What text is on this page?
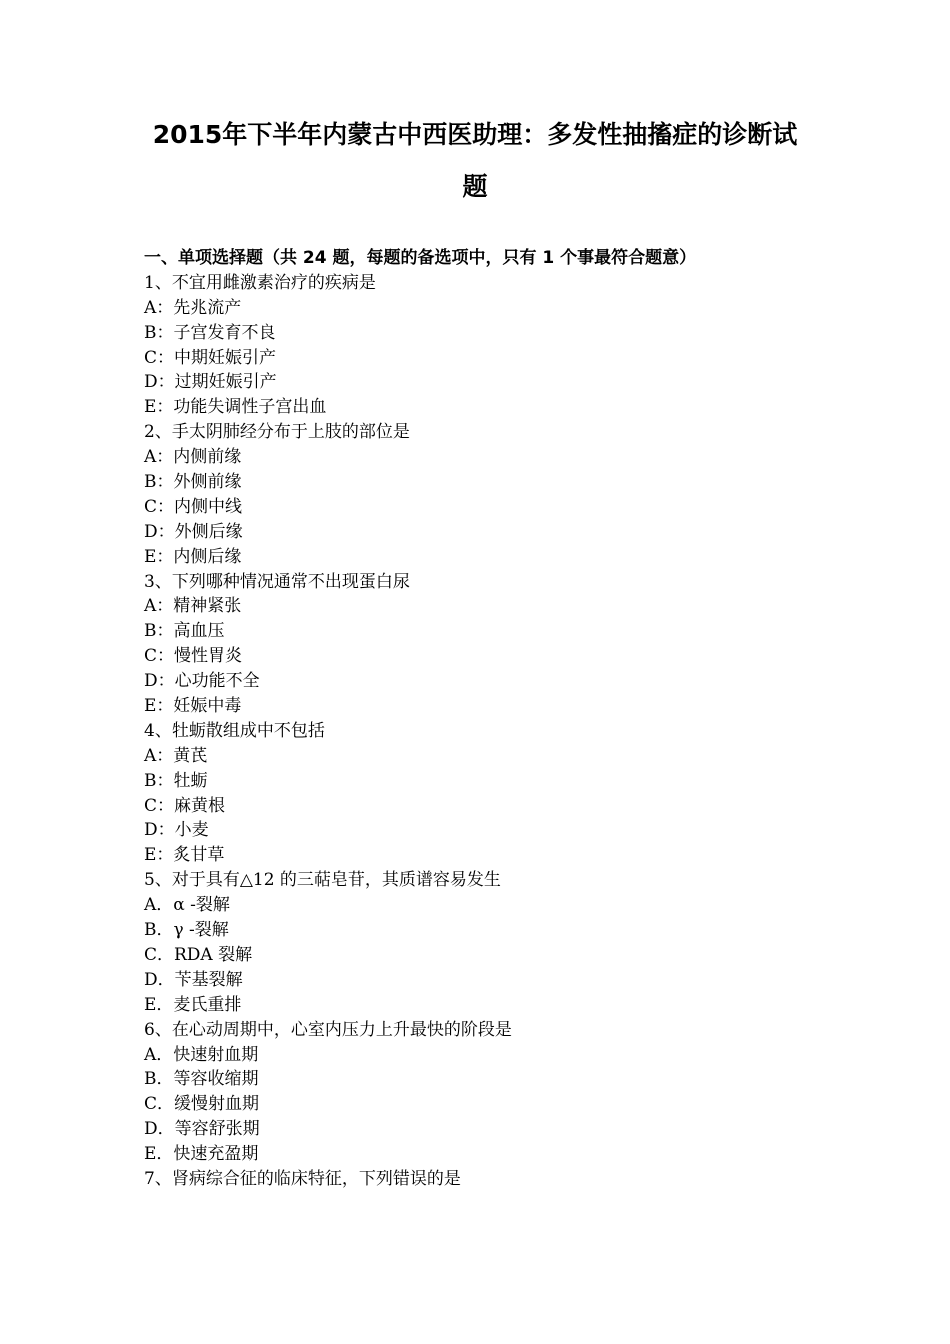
2015年下半年内蒙古中西医助理：多发性抽搐症的诊断试
题
一、单项选择题（共 24 题，每题的备选项中，只有 1 个事最符合题意）
1、不宜用雌激素治疗的疾病是
A：先兆流产
B：子宫发育不良
C：中期妊娠引产
D：过期妊娠引产
E：功能失调性子宫出血
2、手太阴肺经分布于上肢的部位是
A：内侧前缘
B：外侧前缘
C：内侧中线
D：外侧后缘
E：内侧后缘
3、下列哪种情况通常不出现蛋白尿
A：精神紧张
B：高血压
C：慢性胃炎
D：心功能不全
E：妊娠中毒
4、牡蛎散组成中不包括
A：黄芪
B：牡蛎
C：麻黄根
D：小麦
E：炙甘草
5、对于具有△12 的三萜皂苷，其质谱容易发生
A．α -裂解
B．γ -裂解
C．RDA 裂解
D．苄基裂解
E．麦氏重排
6、在心动周期中，心室内压力上升最快的阶段是
A．快速射血期
B．等容收缩期
C．缓慢射血期
D．等容舒张期
E．快速充盈期
7、肾病综合征的临床特征，下列错误的是
